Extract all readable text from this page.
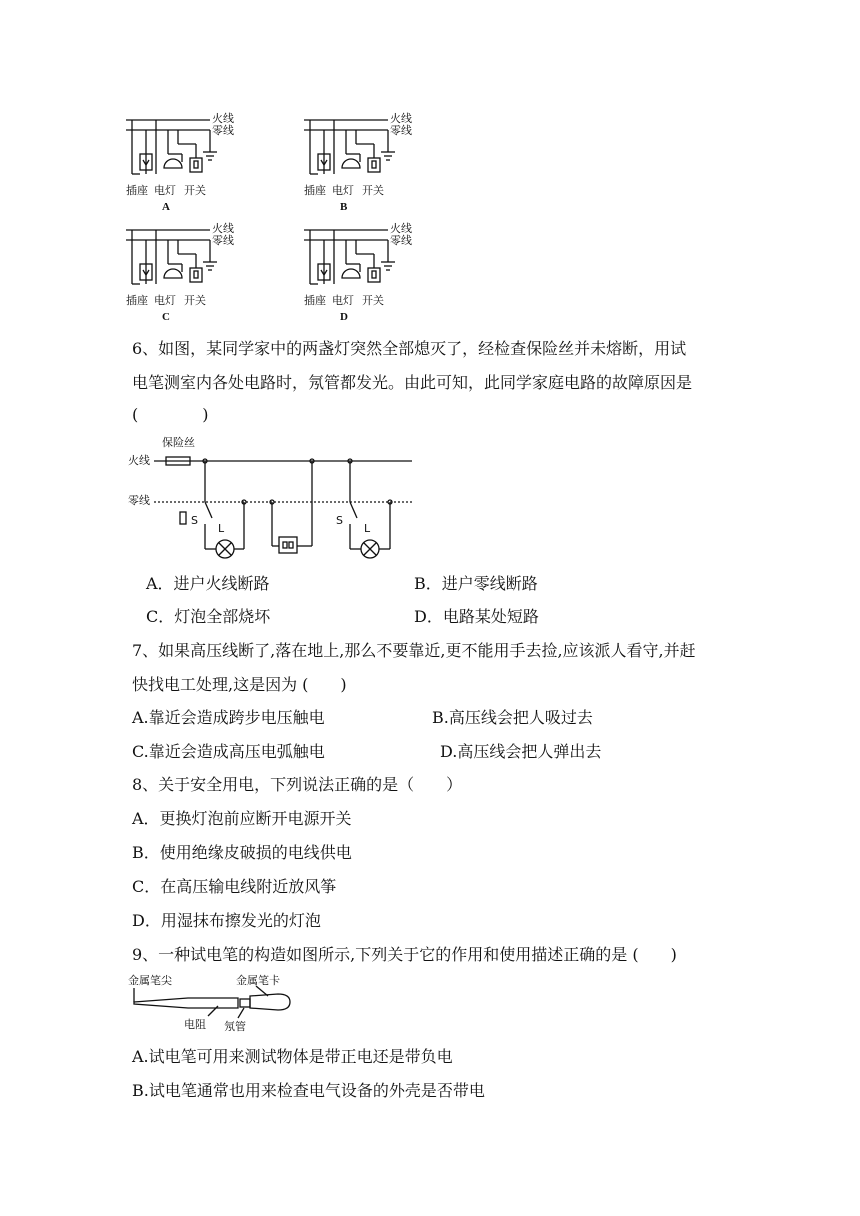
火线
零线
插座 电灯 开关
A
火线
零线
插座 电灯 开关
B
火线
零线
插座 电灯 开关
C
火线
零线
插座 电灯 开关
D
6、如图，某同学家中的两盏灯突然全部熄灭了，经检查保险丝并未熔断，用试
电笔测室内各处电路时，氖管都发光。由此可知，此同学家庭电路的故障原因是
(　　　　)
保险丝
火线
零线
S
L
S
L
A．进户火线断路	B．进户零线断路
C．灯泡全部烧坏	D．电路某处短路
7、如果高压线断了,落在地上,那么不要靠近,更不能用手去捡,应该派人看守,并赶
快找电工处理,这是因为 (　　)
A.靠近会造成跨步电压触电	B.高压线会把人吸过去
C.靠近会造成高压电弧触电	D.高压线会把人弹出去
8、关于安全用电，下列说法正确的是（　　）
A．更换灯泡前应断开电源开关
B．使用绝缘皮破损的电线供电
C．在高压输电线附近放风筝
D．用湿抹布擦发光的灯泡
9、一种试电笔的构造如图所示,下列关于它的作用和使用描述正确的是 (　　)
金属笔尖	金属笔卡
电阻 氖管
A.试电笔可用来测试物体是带正电还是带负电
B.试电笔通常也用来检查电气设备的外壳是否带电
